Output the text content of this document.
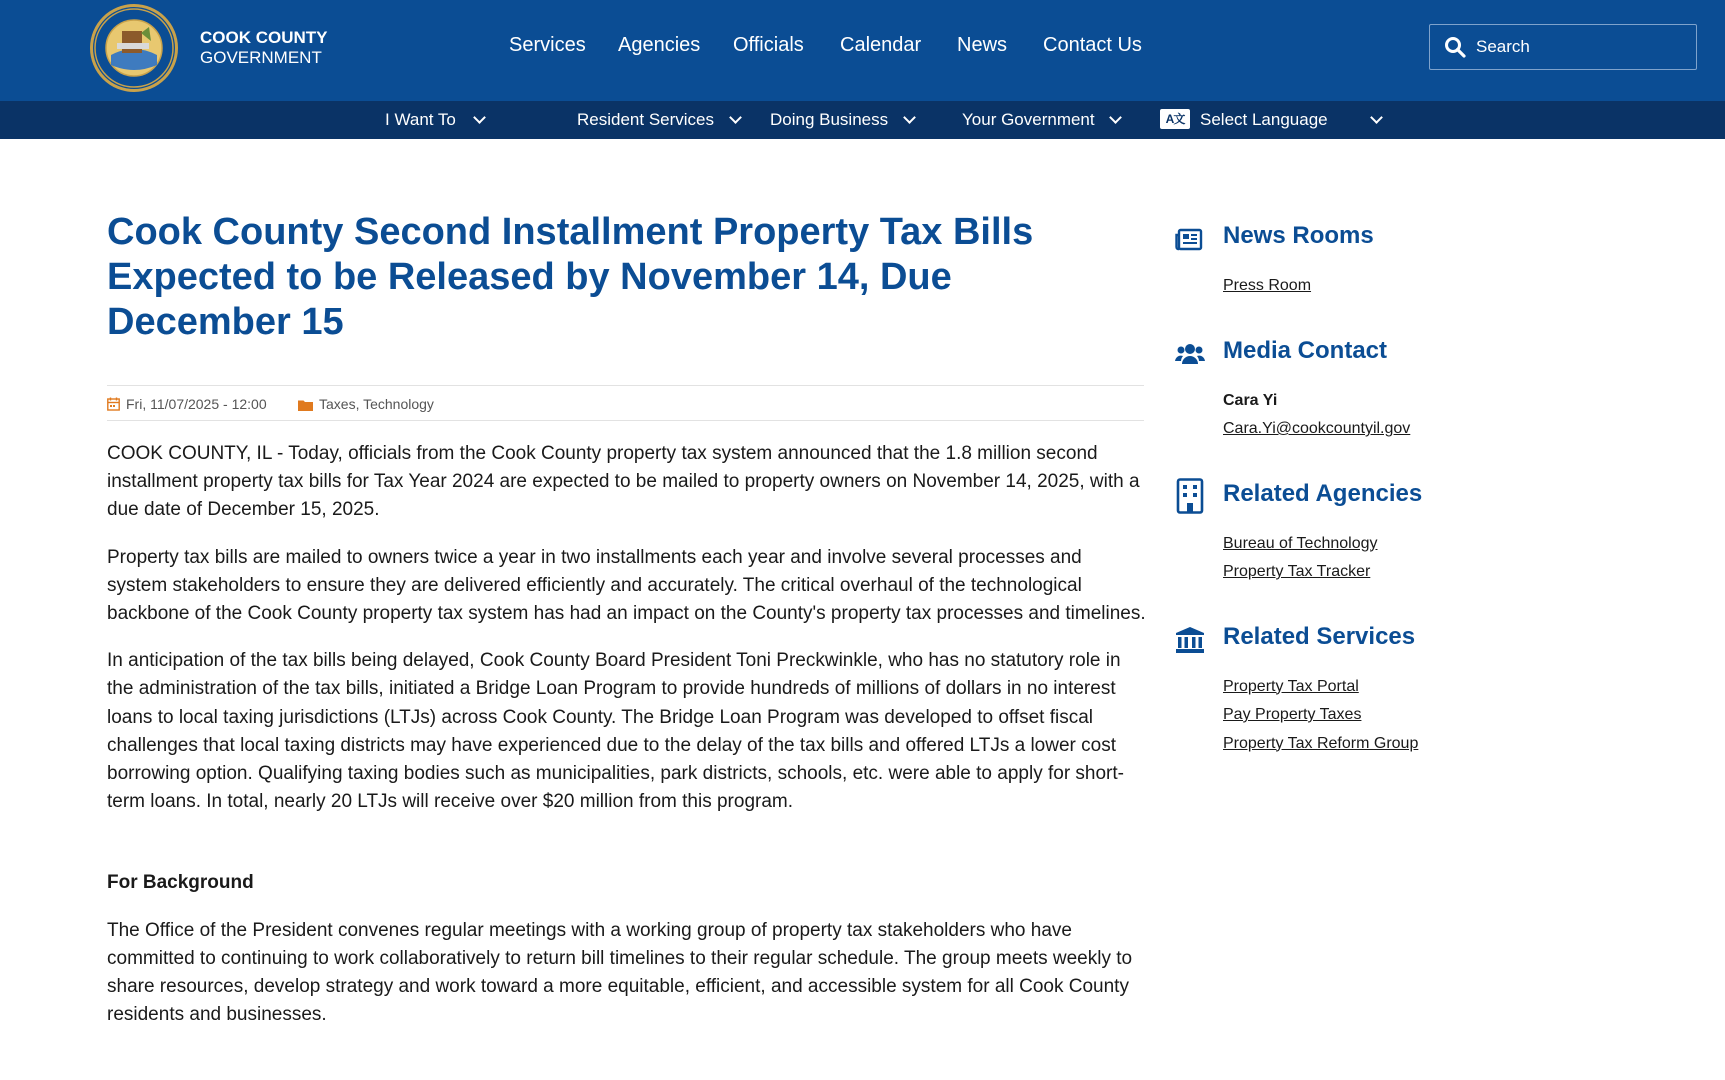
COOK COUNTY
GOVERNMENT
Services Agencies Officials Calendar News Contact Us
Search
I Want To	Resident Services	Doing Business	Your Government	A文 Select Language
Cook County Second Installment Property Tax Bills Expected to be Released by November 14, Due December 15
Fri, 11/07/2025 - 12:00	Taxes, Technology

COOK COUNTY, IL - Today, officials from the Cook County property tax system announced that the 1.8 million second installment property tax bills for Tax Year 2024 are expected to be mailed to property owners on November 14, 2025, with a due date of December 15, 2025.

Property tax bills are mailed to owners twice a year in two installments each year and involve several processes and system stakeholders to ensure they are delivered efficiently and accurately. The critical overhaul of the technological backbone of the Cook County property tax system has had an impact on the County's property tax processes and timelines.

In anticipation of the tax bills being delayed, Cook County Board President Toni Preckwinkle, who has no statutory role in the administration of the tax bills, initiated a Bridge Loan Program to provide hundreds of millions of dollars in no interest loans to local taxing jurisdictions (LTJs) across Cook County. The Bridge Loan Program was developed to offset fiscal challenges that local taxing districts may have experienced due to the delay of the tax bills and offered LTJs a lower cost borrowing option. Qualifying taxing bodies such as municipalities, park districts, schools, etc. were able to apply for short-term loans. In total, nearly 20 LTJs will receive over $20 million from this program.

For Background

The Office of the President convenes regular meetings with a working group of property tax stakeholders who have committed to continuing to work collaboratively to return bill timelines to their regular schedule. The group meets weekly to share resources, develop strategy and work toward a more equitable, efficient, and accessible system for all Cook County residents and businesses.

News Rooms
Press Room
Media Contact
Cara Yi
Cara.Yi@cookcountyil.gov
Related Agencies
Bureau of Technology
Property Tax Tracker
Related Services
Property Tax Portal
Pay Property Taxes
Property Tax Reform Group
